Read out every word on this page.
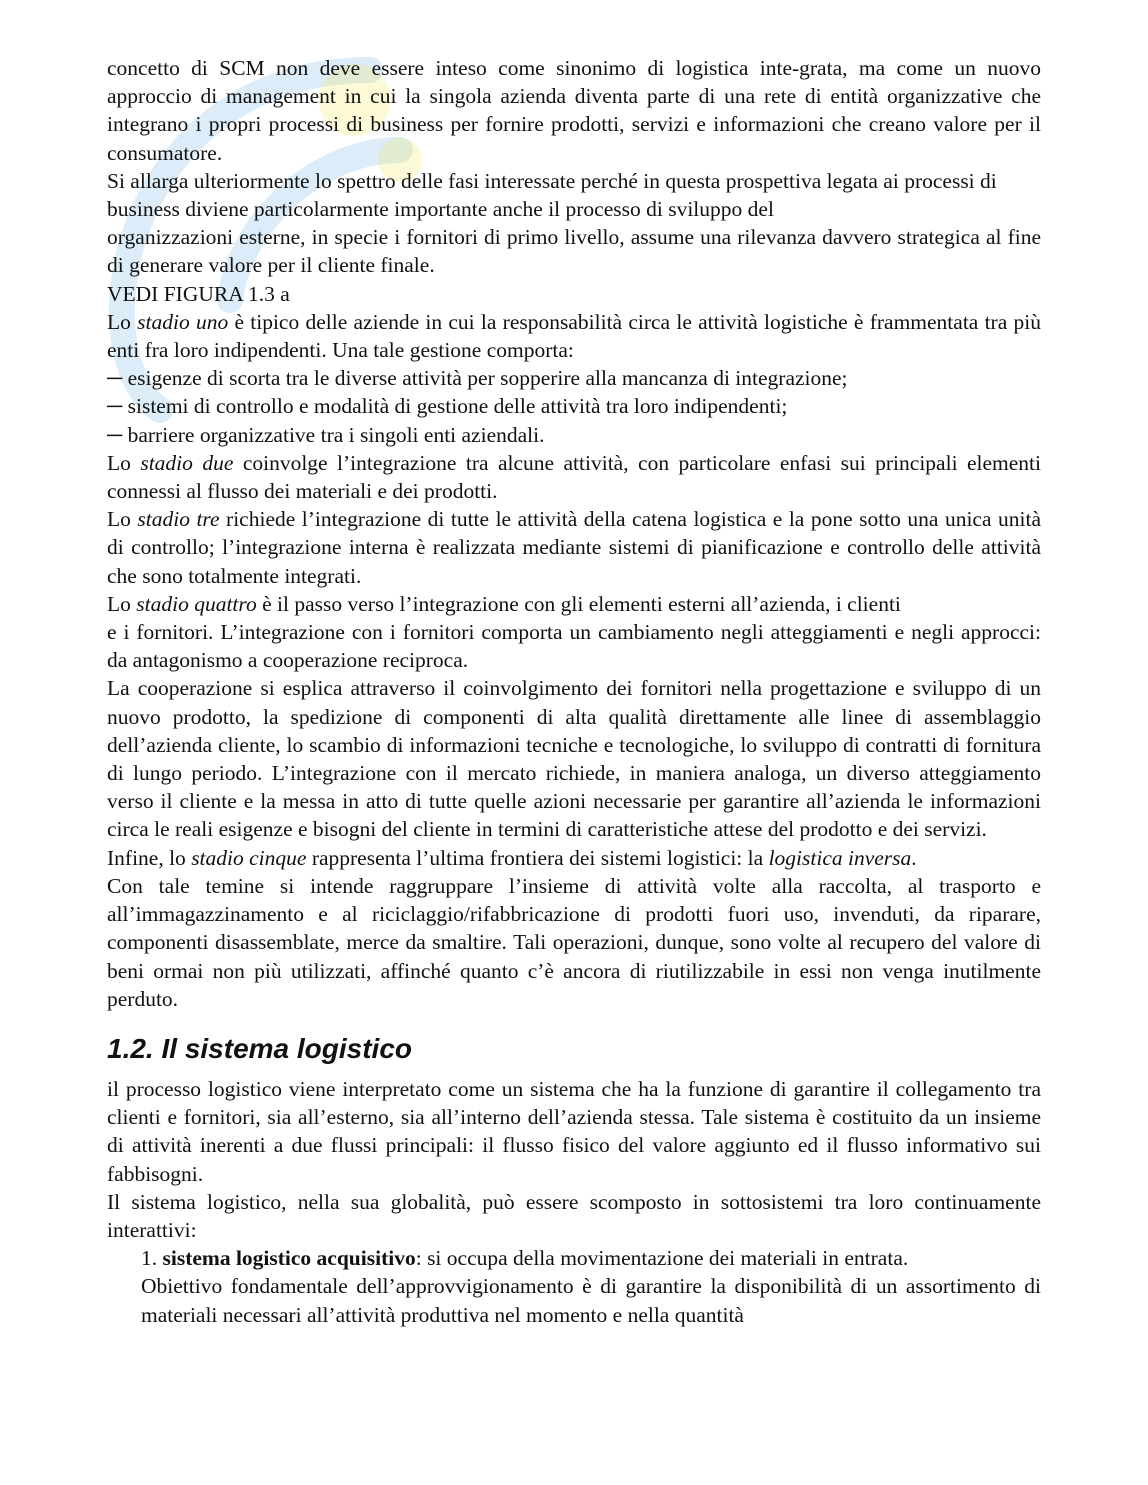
concetto di SCM non deve essere inteso come sinonimo di logistica inte-grata, ma come un nuovo approccio di management in cui la singola azienda diventa parte di una rete di entità organizzative che integrano i propri processi di business per fornire prodotti, servizi e informazioni che creano valore per il consumatore.

Si allarga ulteriormente lo spettro delle fasi interessate perché in questa prospettiva legata ai processi di business diviene particolarmente importante anche il processo di sviluppo del

organizzazioni esterne, in specie i fornitori di primo livello, assume una rilevanza davvero strategica al fine di generare valore per il cliente finale.

VEDI FIGURA 1.3 a

Lo stadio uno è tipico delle aziende in cui la responsabilità circa le attività logistiche è frammentata tra più enti fra loro indipendenti. Una tale gestione comporta:

─ esigenze di scorta tra le diverse attività per sopperire alla mancanza di integrazione;

─ sistemi di controllo e modalità di gestione delle attività tra loro indipendenti;

─ barriere organizzative tra i singoli enti aziendali.

Lo stadio due coinvolge l’integrazione tra alcune attività, con particolare enfasi sui principali elementi connessi al flusso dei materiali e dei prodotti.

Lo stadio tre richiede l’integrazione di tutte le attività della catena logistica e la pone sotto una unica unità di controllo; l’integrazione interna è realizzata mediante sistemi di pianificazione e controllo delle attività che sono totalmente integrati.

Lo stadio quattro è il passo verso l’integrazione con gli elementi esterni all’azienda, i clienti

e i fornitori. L’integrazione con i fornitori comporta un cambiamento negli atteggiamenti e negli approcci: da antagonismo a cooperazione reciproca.

La cooperazione si esplica attraverso il coinvolgimento dei fornitori nella progettazione e sviluppo di un nuovo prodotto, la spedizione di componenti di alta qualità direttamente alle linee di assemblaggio dell’azienda cliente, lo scambio di informazioni tecniche e tecnologiche, lo sviluppo di contratti di fornitura di lungo periodo. L’integrazione con il mercato richiede, in maniera analoga, un diverso atteggiamento verso il cliente e la messa in atto di tutte quelle azioni necessarie per garantire all’azienda le informazioni circa le reali esigenze e bisogni del cliente in termini di caratteristiche attese del prodotto e dei servizi.

Infine, lo stadio cinque rappresenta l’ultima frontiera dei sistemi logistici: la logistica inversa.

Con tale temine si intende raggruppare l’insieme di attività volte alla raccolta, al trasporto e all’immagazzinamento e al riciclaggio/rifabbricazione di prodotti fuori uso, invenduti, da riparare, componenti disassemblate, merce da smaltire. Tali operazioni, dunque, sono volte al recupero del valore di beni ormai non più utilizzati, affinché quanto c’è ancora di riutilizzabile in essi non venga inutilmente perduto.

1.2. Il sistema logistico

il processo logistico viene interpretato come un sistema che ha la funzione di garantire il collegamento tra clienti e fornitori, sia all’esterno, sia all’interno dell’azienda stessa. Tale sistema è costituito da un insieme di attività inerenti a due flussi principali: il flusso fisico del valore aggiunto ed il flusso informativo sui fabbisogni.

Il sistema logistico, nella sua globalità, può essere scomposto in sottosistemi tra loro continuamente interattivi:

1. sistema logistico acquisitivo: si occupa della movimentazione dei materiali in entrata.

Obiettivo fondamentale dell’approvvigionamento è di garantire la disponibilità di un assortimento di materiali necessari all’attività produttiva nel momento e nella quantità
